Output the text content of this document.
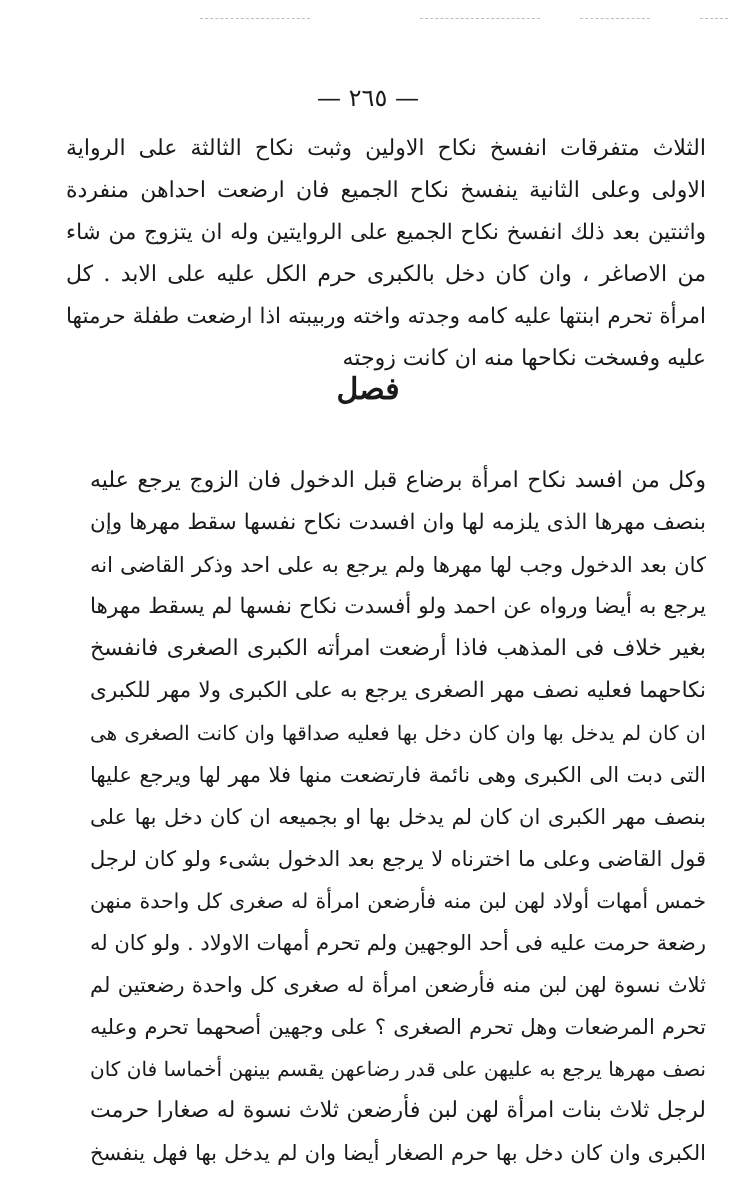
— ٢٦٥ —

الثلاث متفرقات انفسخ نكاح الاولين وثبت نكاح الثالثة على الرواية

الاولى وعلى الثانية ينفسخ نكاح الجميع فان ارضعت احداهن منفردة

واثنتين بعد ذلك انفسخ نكاح الجميع على الروايتين وله ان يتزوج من شاء

من الاصاغر ، وان كان دخل بالكبرى حرم الكل عليه على الابد . كل

امرأة تحرم ابنتها عليه كامه وجدته واخته وربيبته اذا ارضعت طفلة حرمتها

عليه وفسخت نكاحها منه ان كانت زوجته

فصل

وكل من افسد نكاح امرأة برضاع قبل الدخول فان الزوج يرجع عليه

بنصف مهرها الذى يلزمه لها وان افسدت نكاح نفسها سقط مهرها وإن

كان بعد الدخول وجب لها مهرها ولم يرجع به على احد وذكر القاضى انه

يرجع به أيضا ورواه عن احمد ولو أفسدت نكاح نفسها لم يسقط مهرها

بغير خلاف فى المذهب فاذا أرضعت امرأته الكبرى الصغرى فانفسخ

نكاحهما فعليه نصف مهر الصغرى يرجع به على الكبرى ولا مهر للكبرى

ان كان لم يدخل بها وان كان دخل بها فعليه صداقها وان كانت الصغرى هى

التى دبت الى الكبرى وهى نائمة فارتضعت منها فلا مهر لها ويرجع عليها

بنصف مهر الكبرى ان كان لم يدخل بها او بجميعه ان كان دخل بها على

قول القاضى وعلى ما اخترناه لا يرجع بعد الدخول بشىء ولو كان لرجل

خمس أمهات أولاد لهن لبن منه فأرضعن امرأة له صغرى كل واحدة منهن

رضعة حرمت عليه فى أحد الوجهين ولم تحرم أمهات الاولاد . ولو كان له

ثلاث نسوة لهن لبن منه فأرضعن امرأة له صغرى كل واحدة رضعتين لم

تحرم المرضعات وهل تحرم الصغرى ؟ على وجهين أصحهما تحرم وعليه

نصف مهرها يرجع به عليهن على قدر رضاعهن يقسم بينهن أخماسا فان كان

لرجل ثلاث بنات امرأة لهن لبن فأرضعن ثلاث نسوة له صغارا حرمت

الكبرى وان كان دخل بها حرم الصغار أيضا وان لم يدخل بها فهل ينفسخ
